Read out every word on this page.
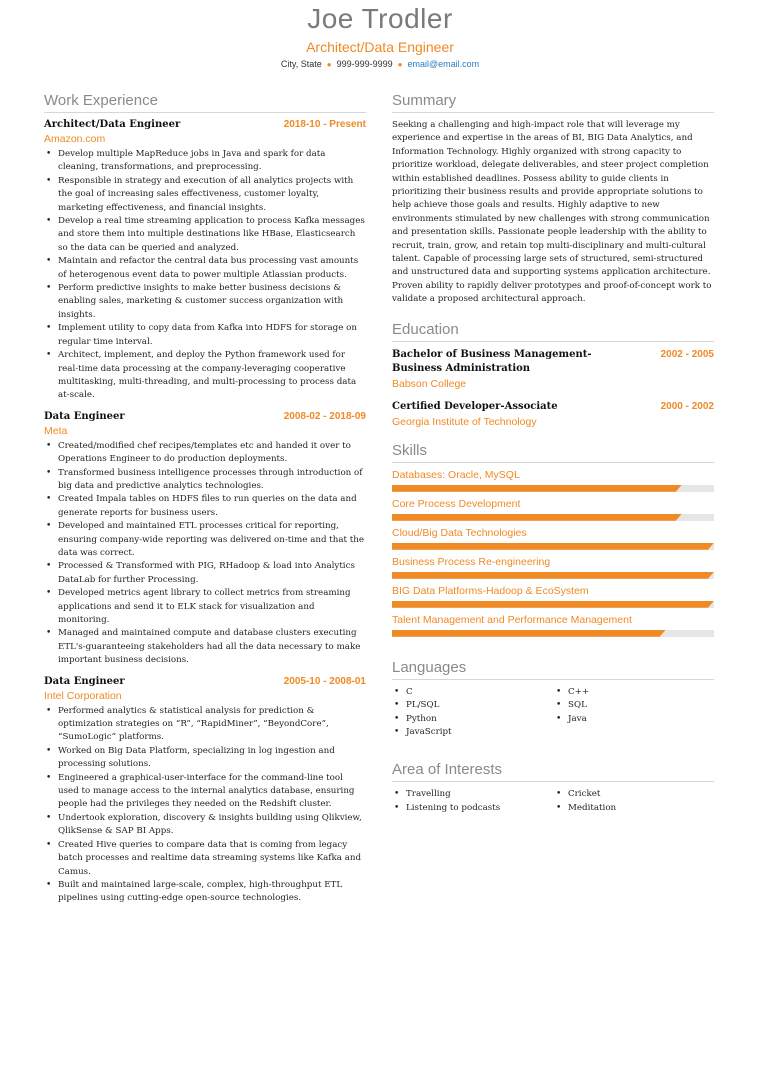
Joe Trodler
Architect/Data Engineer
City, State ● 999-999-9999 ● email@email.com
Work Experience
Architect/Data Engineer	2018-10 - Present
Amazon.com
• Develop multiple MapReduce jobs in Java and spark for data cleaning, transformations, and preprocessing.
• Responsible in strategy and execution of all analytics projects with the goal of increasing sales effectiveness, customer loyalty, marketing effectiveness, and financial insights.
• Develop a real time streaming application to process Kafka messages and store them into multiple destinations like HBase, Elasticsearch so the data can be queried and analyzed.
• Maintain and refactor the central data bus processing vast amounts of heterogenous event data to power multiple Atlassian products.
• Perform predictive insights to make better business decisions & enabling sales, marketing & customer success organization with insights.
• Implement utility to copy data from Kafka into HDFS for storage on regular time interval.
• Architect, implement, and deploy the Python framework used for real-time data processing at the company-leveraging cooperative multitasking, multi-threading, and multi-processing to process data at-scale.
Data Engineer	2008-02 - 2018-09
Meta
• Created/modified chef recipes/templates etc and handed it over to Operations Engineer to do production deployments.
• Transformed business intelligence processes through introduction of big data and predictive analytics technologies.
• Created Impala tables on HDFS files to run queries on the data and generate reports for business users.
• Developed and maintained ETL processes critical for reporting, ensuring company-wide reporting was delivered on-time and that the data was correct.
• Processed & Transformed with PIG, RHadoop & load into Analytics DataLab for further Processing.
• Developed metrics agent library to collect metrics from streaming applications and send it to ELK stack for visualization and monitoring.
• Managed and maintained compute and database clusters executing ETL's-guaranteeing stakeholders had all the data necessary to make important business decisions.
Data Engineer	2005-10 - 2008-01
Intel Corporation
• Performed analytics & statistical analysis for prediction & optimization strategies on “R”, “RapidMiner”, “BeyondCore”, “SumoLogic” platforms.
• Worked on Big Data Platform, specializing in log ingestion and processing solutions.
• Engineered a graphical-user-interface for the command-line tool used to manage access to the internal analytics database, ensuring people had the privileges they needed on the Redshift cluster.
• Undertook exploration, discovery & insights building using Qlikview, QlikSense & SAP BI Apps.
• Created Hive queries to compare data that is coming from legacy batch processes and realtime data streaming systems like Kafka and Camus.
• Built and maintained large-scale, complex, high-throughput ETL pipelines using cutting-edge open-source technologies.
Summary
Seeking a challenging and high-impact role that will leverage my experience and expertise in the areas of BI, BIG Data Analytics, and Information Technology. Highly organized with strong capacity to prioritize workload, delegate deliverables, and steer project completion within established deadlines. Possess ability to guide clients in prioritizing their business results and provide appropriate solutions to help achieve those goals and results. Highly adaptive to new environments stimulated by new challenges with strong communication and presentation skills. Passionate people leadership with the ability to recruit, train, grow, and retain top multi-disciplinary and multi-cultural talent. Capable of processing large sets of structured, semi-structured and unstructured data and supporting systems application architecture. Proven ability to rapidly deliver prototypes and proof-of-concept work to validate a proposed architectural approach.
Education
Bachelor of Business Management-Business Administration
2002 - 2005
Babson College
Certified Developer-Associate	2000 - 2002
Georgia Institute of Technology
Skills
Databases: Oracle, MySQL
Core Process Development
Cloud/Big Data Technologies
Business Process Re-engineering
BIG Data Platforms-Hadoop & EcoSystem
Talent Management and Performance Management
Languages
• C
• PL/SQL
• Python
• JavaScript
• C++
• SQL
• Java
Area of Interests
• Travelling
• Listening to podcasts
• Cricket
• Meditation
